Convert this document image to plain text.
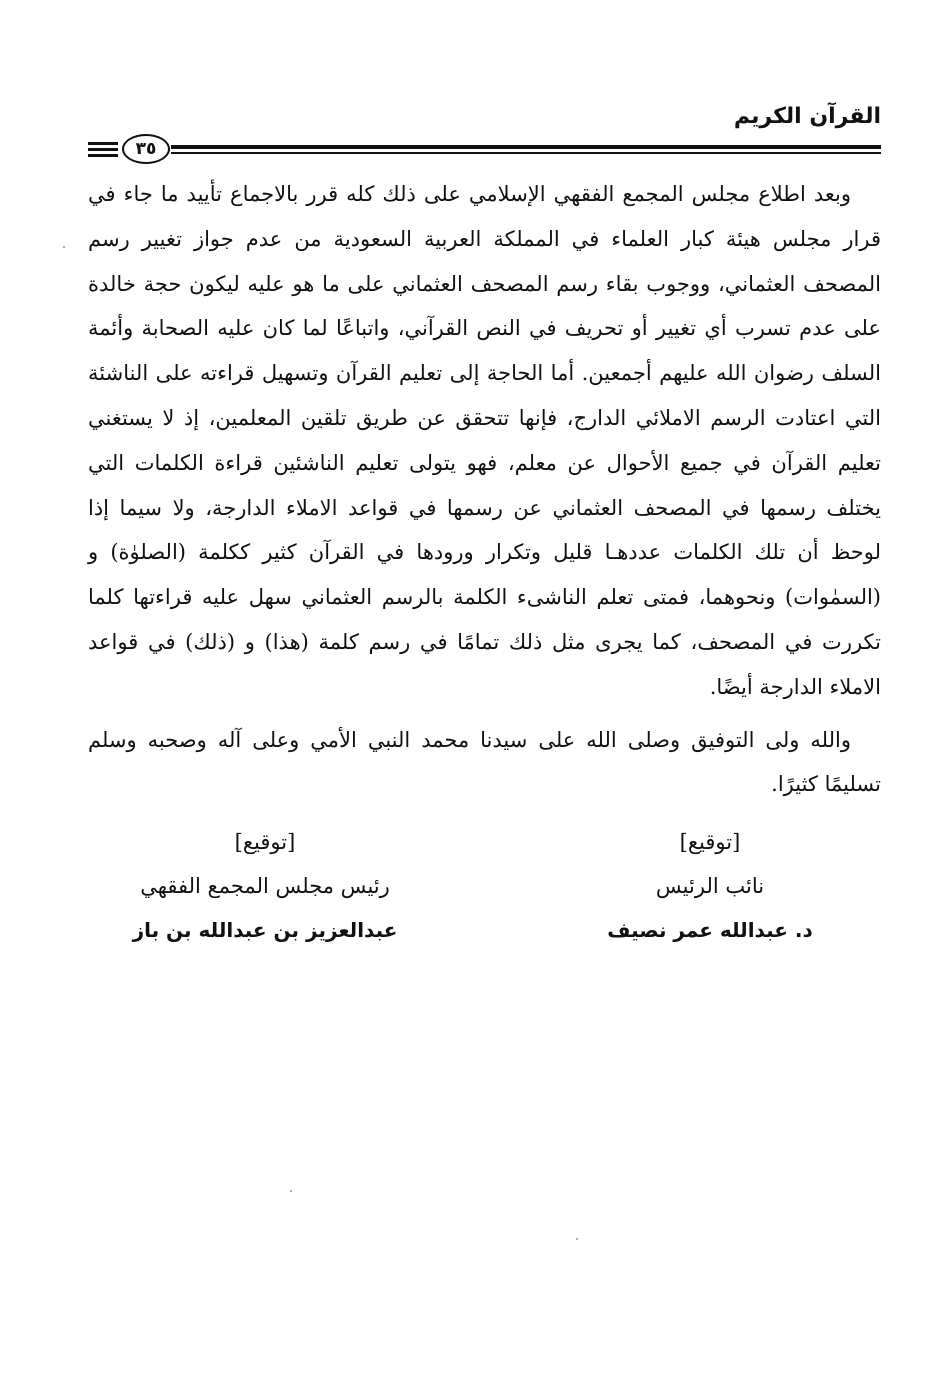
القرآن الكريم
٣٥

وبعد اطلاع مجلس المجمع الفقهي الإسلامي على ذلك كله قرر بالاجماع تأييد ما جاء في قرار مجلس هيئة كبار العلماء في المملكة العربية السعودية من عدم جواز تغيير رسم المصحف العثماني، ووجوب بقاء رسم المصحف العثماني على ما هو عليه ليكون حجة خالدة على عدم تسرب أي تغيير أو تحريف في النص القرآني، واتباعًا لما كان عليه الصحابة وأئمة السلف رضوان الله عليهم أجمعين. أما الحاجة إلى تعليم القرآن وتسهيل قراءته على الناشئة التي اعتادت الرسم الاملائي الدارج، فإنها تتحقق عن طريق تلقين المعلمين، إذ لا يستغني تعليم القرآن في جميع الأحوال عن معلم، فهو يتولى تعليم الناشئين قراءة الكلمات التي يختلف رسمها في المصحف العثماني عن رسمها في قواعد الاملاء الدارجة، ولا سيما إذا لوحظ أن تلك الكلمات عددهـا قليل وتكرار ورودها في القرآن كثير ككلمة (الصلوٰة) و (السمٰوات) ونحوهما، فمتى تعلم الناشىء الكلمة بالرسم العثماني سهل عليه قراءتها كلما تكررت في المصحف، كما يجرى مثل ذلك تمامًا في رسم كلمة (هذا) و (ذلك) في قواعد الاملاء الدارجة أيضًا.

والله ولى التوفيق وصلى الله على سيدنا محمد النبي الأمي وعلى آله وصحبه وسلم تسليمًا كثيرًا.

[توقيع]
نائب الرئيس
د. عبدالله عمر نصيف
[توقيع]
رئيس مجلس المجمع الفقهي
عبدالعزيز بن عبدالله بن باز
